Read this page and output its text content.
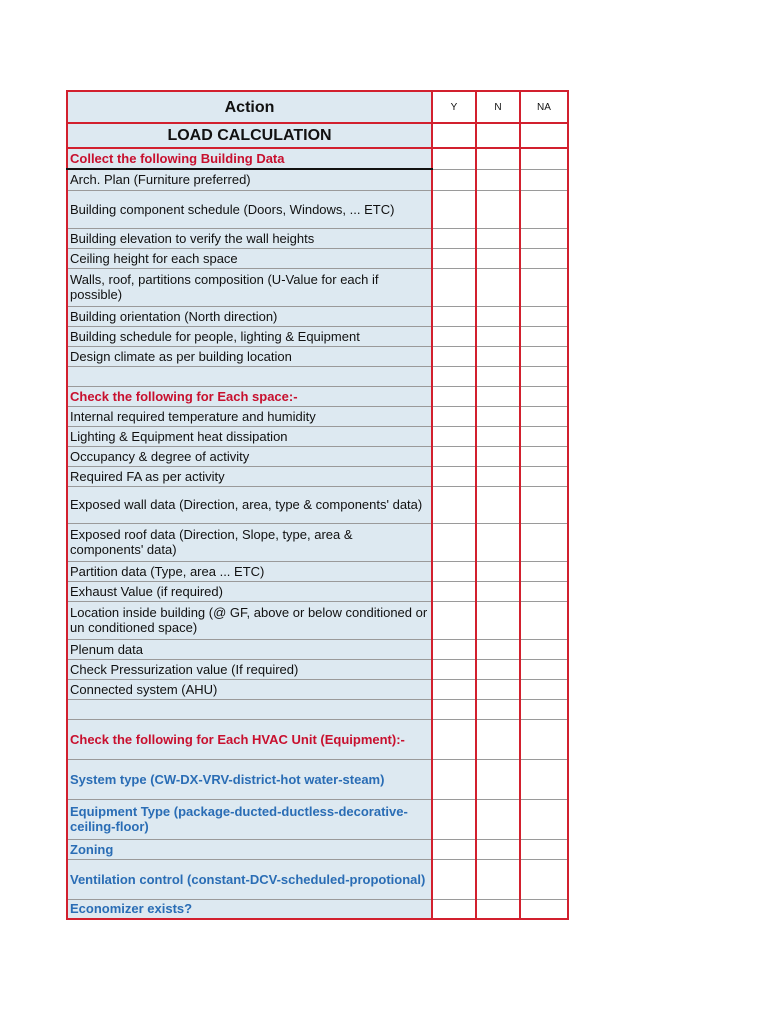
Action	Y	N	NA
LOAD CALCULATION			
Collect the following Building Data			
Arch. Plan (Furniture preferred)			
Building component schedule (Doors, Windows, ... ETC)			
Building elevation to verify the wall heights			
Ceiling height for each space			
Walls, roof, partitions composition (U-Value for each if possible)			
Building orientation (North direction)			
Building schedule for people, lighting & Equipment			
Design climate as per building location			

Check the following for Each space:-			
Internal required temperature and humidity			
Lighting & Equipment heat dissipation			
Occupancy & degree of activity			
Required FA as per activity			
Exposed wall data (Direction, area, type & components' data)			
Exposed roof data (Direction, Slope, type, area & components' data)			
Partition data (Type, area ... ETC)			
Exhaust Value (if required)			
Location inside building (@ GF, above or below conditioned or un conditioned space)			
Plenum data			
Check Pressurization value (If required)			
Connected system (AHU)			

Check the following for Each HVAC Unit (Equipment):-			
System type (CW-DX-VRV-district-hot water-steam)			
Equipment Type (package-ducted-ductless-decorative-ceiling-floor)			
Zoning			
Ventilation control (constant-DCV-scheduled-propotional)			
Economizer exists?			
